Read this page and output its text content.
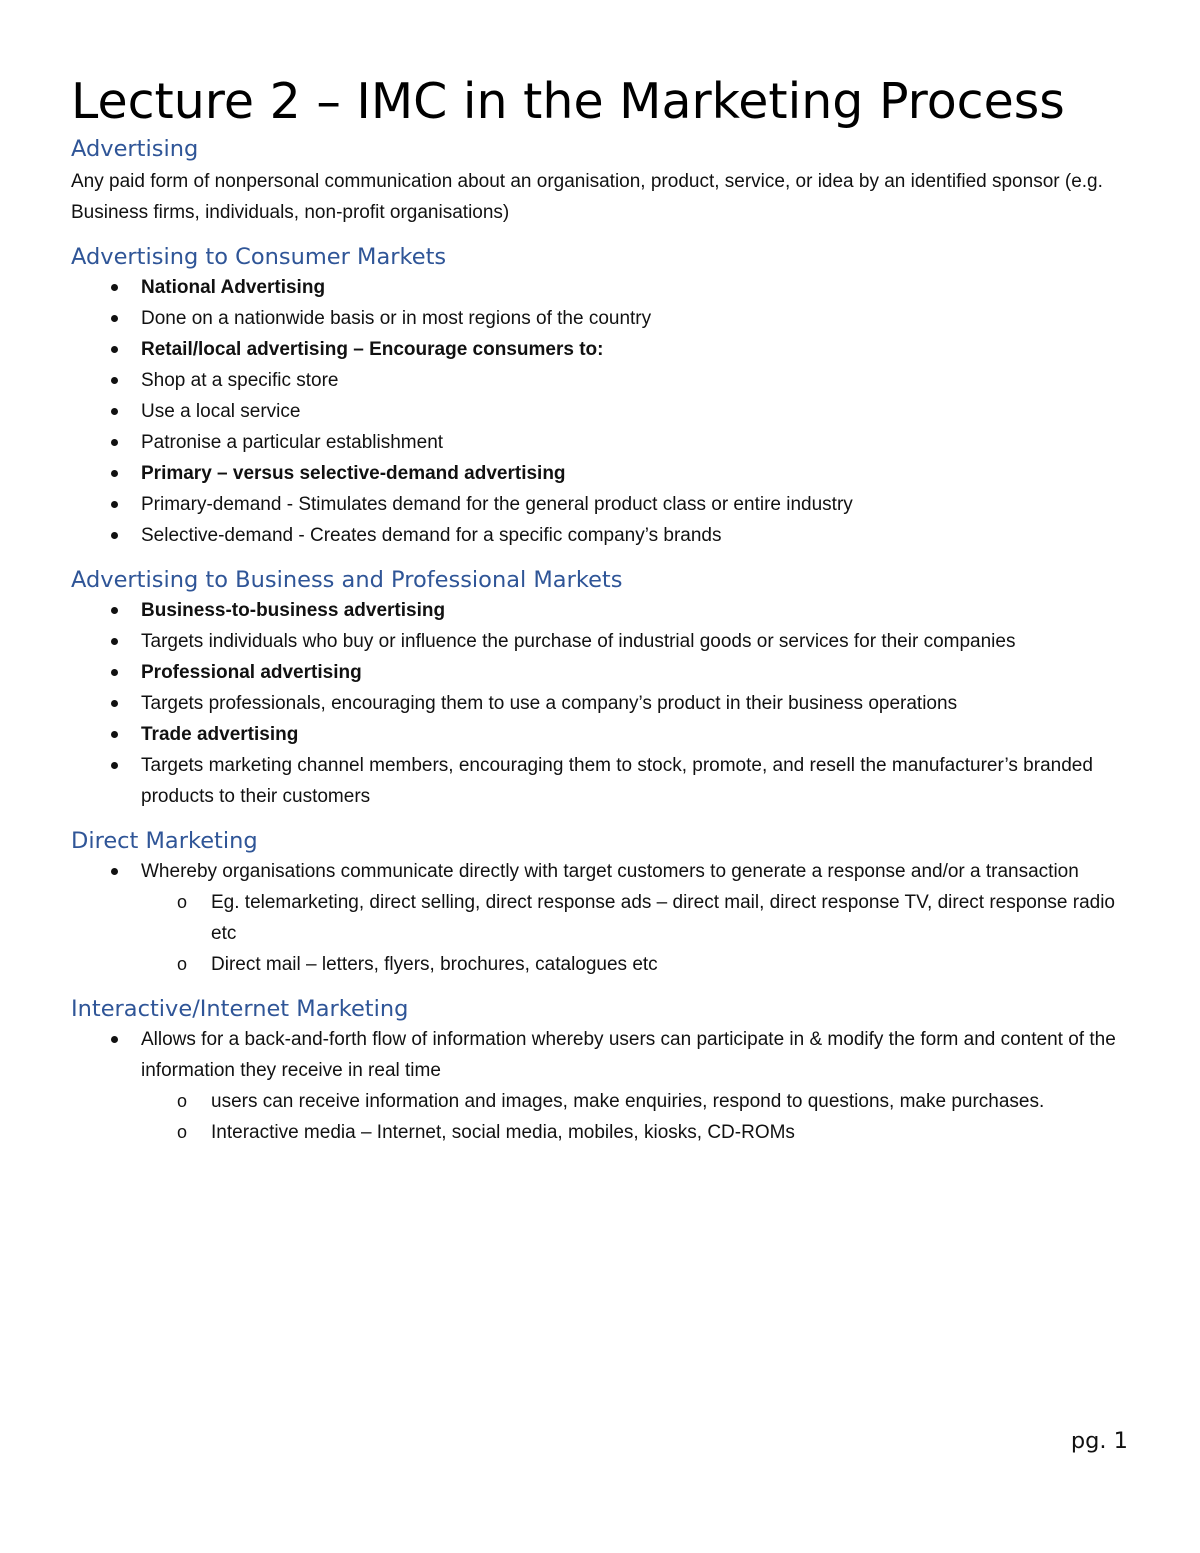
Lecture 2 – IMC in the Marketing Process
Advertising

Any paid form of nonpersonal communication about an organisation, product, service, or idea by an identified sponsor (e.g. Business firms, individuals, non-profit organisations)

Advertising to Consumer Markets
National Advertising
Done on a nationwide basis or in most regions of the country
Retail/local advertising – Encourage consumers to:
Shop at a specific store
Use a local service
Patronise a particular establishment
Primary – versus selective-demand advertising
Primary-demand - Stimulates demand for the general product class or entire industry
Selective-demand - Creates demand for a specific company’s brands
Advertising to Business and Professional Markets
Business-to-business advertising
Targets individuals who buy or influence the purchase of industrial goods or services for their companies
Professional advertising
Targets professionals, encouraging them to use a company’s product in their business operations
Trade advertising
Targets marketing channel members, encouraging them to stock, promote, and resell the manufacturer’s branded products to their customers
Direct Marketing
Whereby organisations communicate directly with target customers to generate a response and/or a transaction
o Eg. telemarketing, direct selling, direct response ads – direct mail, direct response TV, direct response radio etc
o Direct mail – letters, flyers, brochures, catalogues etc
Interactive/Internet Marketing
Allows for a back-and-forth flow of information whereby users can participate in & modify the form and content of the information they receive in real time
o users can receive information and images, make enquiries, respond to questions, make purchases.
o Interactive media – Internet, social media, mobiles, kiosks, CD-ROMs
pg. 1
